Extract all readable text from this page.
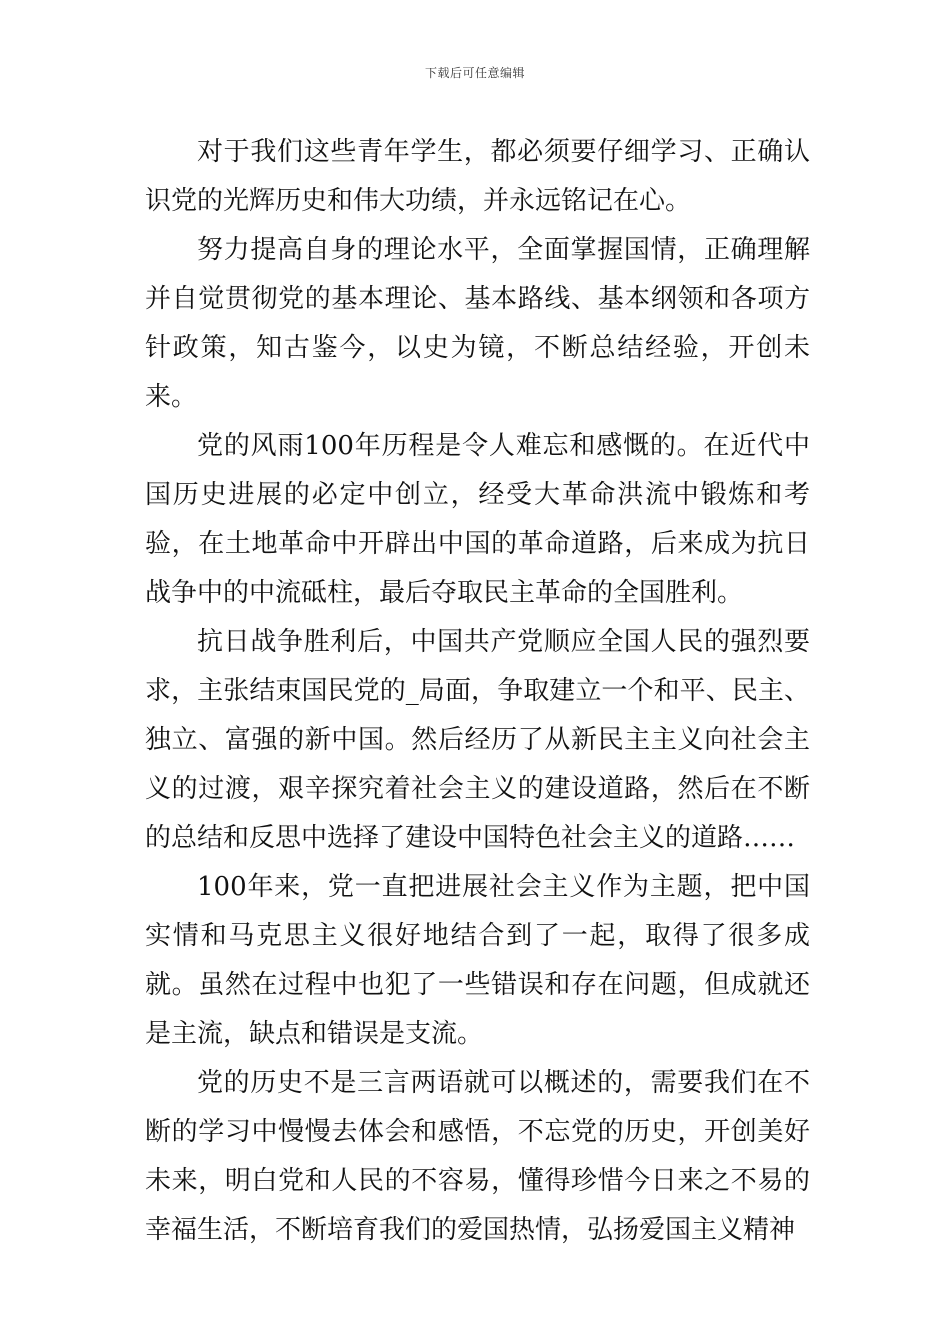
下载后可任意编辑

对于我们这些青年学生，都必须要仔细学习、正确认识党的光辉历史和伟大功绩，并永远铭记在心。

努力提高自身的理论水平，全面掌握国情，正确理解并自觉贯彻党的基本理论、基本路线、基本纲领和各项方针政策，知古鉴今，以史为镜，不断总结经验，开创未来。

党的风雨100年历程是令人难忘和感慨的。在近代中国历史进展的必定中创立，经受大革命洪流中锻炼和考验，在土地革命中开辟出中国的革命道路，后来成为抗日战争中的中流砥柱，最后夺取民主革命的全国胜利。

抗日战争胜利后，中国共产党顺应全国人民的强烈要求，主张结束国民党的_局面，争取建立一个和平、民主、独立、富强的新中国。然后经历了从新民主主义向社会主义的过渡，艰辛探究着社会主义的建设道路，然后在不断的总结和反思中选择了建设中国特色社会主义的道路……

100年来，党一直把进展社会主义作为主题，把中国实情和马克思主义很好地结合到了一起，取得了很多成就。虽然在过程中也犯了一些错误和存在问题，但成就还是主流，缺点和错误是支流。

党的历史不是三言两语就可以概述的，需要我们在不断的学习中慢慢去体会和感悟，不忘党的历史，开创美好未来，明白党和人民的不容易，懂得珍惜今日来之不易的幸福生活，不断培育我们的爱国热情，弘扬爱国主义精神
